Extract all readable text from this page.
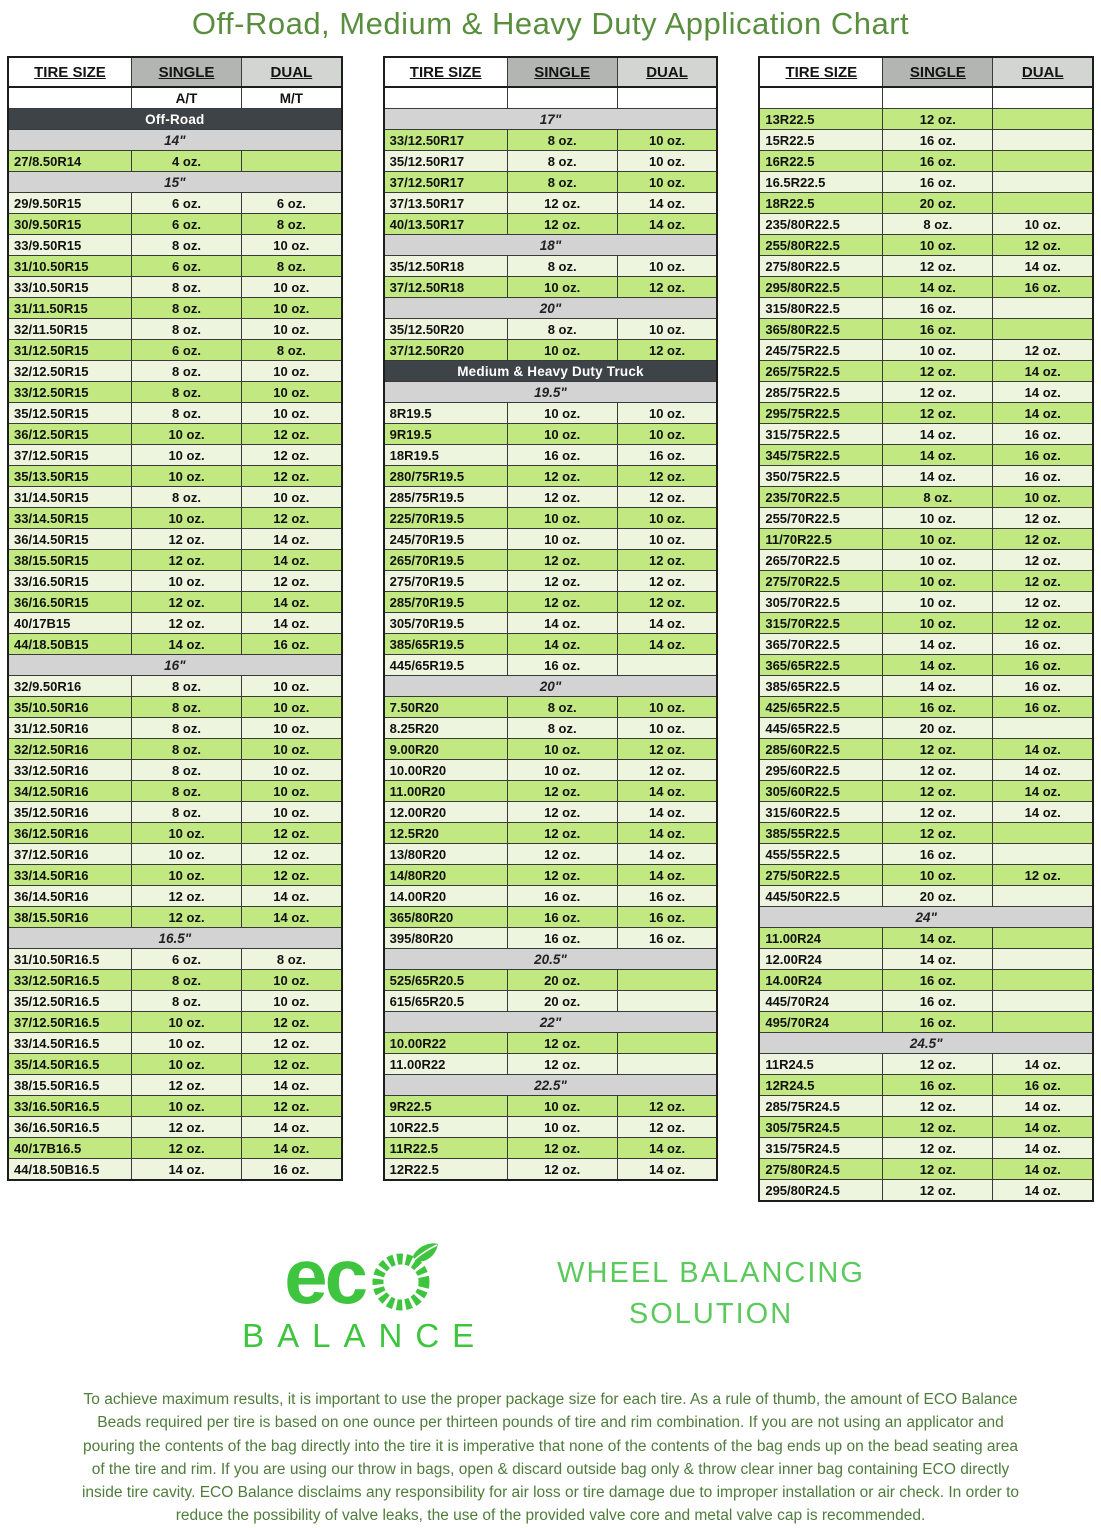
Off-Road, Medium & Heavy Duty Application Chart
TIRE SIZE	SINGLE	DUAL
	A/T	M/T
Off-Road		
14"		
27/8.50R14	4 oz.	
15"		
29/9.50R15	6 oz.	6 oz.
30/9.50R15	6 oz.	8 oz.
33/9.50R15	8 oz.	10 oz.
31/10.50R15	6 oz.	8 oz.
33/10.50R15	8 oz.	10 oz.
31/11.50R15	8 oz.	10 oz.
32/11.50R15	8 oz.	10 oz.
31/12.50R15	6 oz.	8 oz.
32/12.50R15	8 oz.	10 oz.
33/12.50R15	8 oz.	10 oz.
35/12.50R15	8 oz.	10 oz.
36/12.50R15	10 oz.	12 oz.
37/12.50R15	10 oz.	12 oz.
35/13.50R15	10 oz.	12 oz.
31/14.50R15	8 oz.	10 oz.
33/14.50R15	10 oz.	12 oz.
36/14.50R15	12 oz.	14 oz.
38/15.50R15	12 oz.	14 oz.
33/16.50R15	10 oz.	12 oz.
36/16.50R15	12 oz.	14 oz.
40/17B15	12 oz.	14 oz.
44/18.50B15	14 oz.	16 oz.
16"		
32/9.50R16	8 oz.	10 oz.
35/10.50R16	8 oz.	10 oz.
31/12.50R16	8 oz.	10 oz.
32/12.50R16	8 oz.	10 oz.
33/12.50R16	8 oz.	10 oz.
34/12.50R16	8 oz.	10 oz.
35/12.50R16	8 oz.	10 oz.
36/12.50R16	10 oz.	12 oz.
37/12.50R16	10 oz.	12 oz.
33/14.50R16	10 oz.	12 oz.
36/14.50R16	12 oz.	14 oz.
38/15.50R16	12 oz.	14 oz.
16.5"		
31/10.50R16.5	6 oz.	8 oz.
33/12.50R16.5	8 oz.	10 oz.
35/12.50R16.5	8 oz.	10 oz.
37/12.50R16.5	10 oz.	12 oz.
33/14.50R16.5	10 oz.	12 oz.
35/14.50R16.5	10 oz.	12 oz.
38/15.50R16.5	12 oz.	14 oz.
33/16.50R16.5	10 oz.	12 oz.
36/16.50R16.5	12 oz.	14 oz.
40/17B16.5	12 oz.	14 oz.
44/18.50B16.5	14 oz.	16 oz.
TIRE SIZE	SINGLE	DUAL

17"		
33/12.50R17	8 oz.	10 oz.
35/12.50R17	8 oz.	10 oz.
37/12.50R17	8 oz.	10 oz.
37/13.50R17	12 oz.	14 oz.
40/13.50R17	12 oz.	14 oz.
18"		
35/12.50R18	8 oz.	10 oz.
37/12.50R18	10 oz.	12 oz.
20"		
35/12.50R20	8 oz.	10 oz.
37/12.50R20	10 oz.	12 oz.
Medium & Heavy Duty Truck		
19.5"		
8R19.5	10 oz.	10 oz.
9R19.5	10 oz.	10 oz.
18R19.5	16 oz.	16 oz.
280/75R19.5	12 oz.	12 oz.
285/75R19.5	12 oz.	12 oz.
225/70R19.5	10 oz.	10 oz.
245/70R19.5	10 oz.	10 oz.
265/70R19.5	12 oz.	12 oz.
275/70R19.5	12 oz.	12 oz.
285/70R19.5	12 oz.	12 oz.
305/70R19.5	14 oz.	14 oz.
385/65R19.5	14 oz.	14 oz.
445/65R19.5	16 oz.	
20"		
7.50R20	8 oz.	10 oz.
8.25R20	8 oz.	10 oz.
9.00R20	10 oz.	12 oz.
10.00R20	10 oz.	12 oz.
11.00R20	12 oz.	14 oz.
12.00R20	12 oz.	14 oz.
12.5R20	12 oz.	14 oz.
13/80R20	12 oz.	14 oz.
14/80R20	12 oz.	14 oz.
14.00R20	16 oz.	16 oz.
365/80R20	16 oz.	16 oz.
395/80R20	16 oz.	16 oz.
20.5"		
525/65R20.5	20 oz.	
615/65R20.5	20 oz.	
22"		
10.00R22	12 oz.	
11.00R22	12 oz.	
22.5"		
9R22.5	10 oz.	12 oz.
10R22.5	10 oz.	12 oz.
11R22.5	12 oz.	14 oz.
12R22.5	12 oz.	14 oz.
TIRE SIZE	SINGLE	DUAL

13R22.5	12 oz.	
15R22.5	16 oz.	
16R22.5	16 oz.	
16.5R22.5	16 oz.	
18R22.5	20 oz.	
235/80R22.5	8 oz.	10 oz.
255/80R22.5	10 oz.	12 oz.
275/80R22.5	12 oz.	14 oz.
295/80R22.5	14 oz.	16 oz.
315/80R22.5	16 oz.	
365/80R22.5	16 oz.	
245/75R22.5	10 oz.	12 oz.
265/75R22.5	12 oz.	14 oz.
285/75R22.5	12 oz.	14 oz.
295/75R22.5	12 oz.	14 oz.
315/75R22.5	14 oz.	16 oz.
345/75R22.5	14 oz.	16 oz.
350/75R22.5	14 oz.	16 oz.
235/70R22.5	8 oz.	10 oz.
255/70R22.5	10 oz.	12 oz.
11/70R22.5	10 oz.	12 oz.
265/70R22.5	10 oz.	12 oz.
275/70R22.5	10 oz.	12 oz.
305/70R22.5	10 oz.	12 oz.
315/70R22.5	10 oz.	12 oz.
365/70R22.5	14 oz.	16 oz.
365/65R22.5	14 oz.	16 oz.
385/65R22.5	14 oz.	16 oz.
425/65R22.5	16 oz.	16 oz.
445/65R22.5	20 oz.	
285/60R22.5	12 oz.	14 oz.
295/60R22.5	12 oz.	14 oz.
305/60R22.5	12 oz.	14 oz.
315/60R22.5	12 oz.	14 oz.
385/55R22.5	12 oz.	
455/55R22.5	16 oz.	
275/50R22.5	10 oz.	12 oz.
445/50R22.5	20 oz.	
24"		
11.00R24	14 oz.	
12.00R24	14 oz.	
14.00R24	16 oz.	
445/70R24	16 oz.	
495/70R24	16 oz.	
24.5"		
11R24.5	12 oz.	14 oz.
12R24.5	16 oz.	16 oz.
285/75R24.5	12 oz.	14 oz.
305/75R24.5	12 oz.	14 oz.
315/75R24.5	12 oz.	14 oz.
275/80R24.5	12 oz.	14 oz.
295/80R24.5	12 oz.	14 oz.
ec
BALANCE
WHEEL BALANCING
SOLUTION
To achieve maximum results, it is important to use the proper package size for each tire. As a rule of thumb, the amount of ECO Balance
Beads required per tire is based on one ounce per thirteen pounds of tire and rim combination. If you are not using an applicator and
pouring the contents of the bag directly into the tire it is imperative that none of the contents of the bag ends up on the bead seating area
of the tire and rim. If you are using our throw in bags, open & discard outside bag only & throw clear inner bag containing ECO directly
inside tire cavity. ECO Balance disclaims any responsibility for air loss or tire damage due to improper installation or air check. In order to
reduce the possibility of valve leaks, the use of the provided valve core and metal valve cap is recommended.
